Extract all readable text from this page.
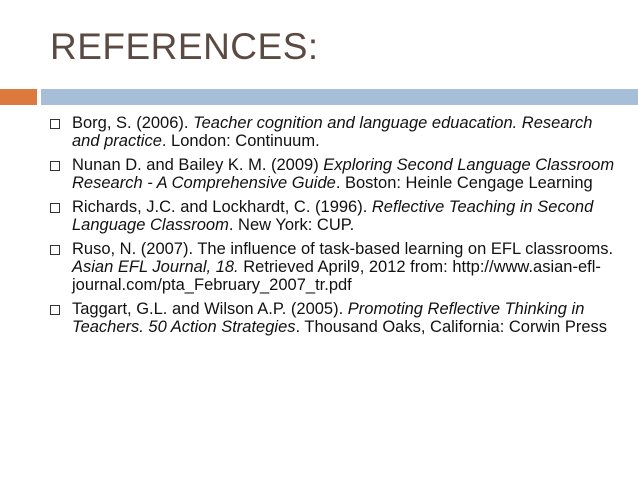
REFERENCES:
Borg, S. (2006). Teacher cognition and language eduacation. Research and practice. London: Continuum.
Nunan D. and Bailey K. M. (2009) Exploring Second Language Classroom Research - A Comprehensive Guide. Boston: Heinle Cengage Learning
Richards, J.C. and Lockhardt, C. (1996). Reflective Teaching in Second Language Classroom. New York: CUP.
Ruso, N. (2007). The influence of task-based learning on EFL classrooms. Asian EFL Journal, 18. Retrieved April9, 2012 from: http://www.asian-efl-journal.com/pta_February_2007_tr.pdf
Taggart, G.L. and Wilson A.P. (2005). Promoting Reflective Thinking in Teachers. 50 Action Strategies. Thousand Oaks, California: Corwin Press
